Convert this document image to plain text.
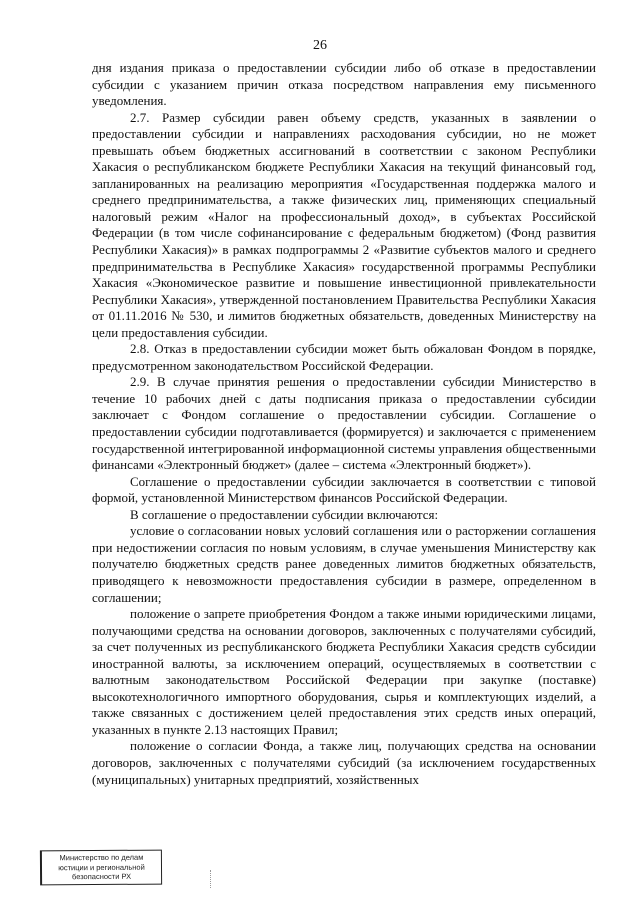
26

дня издания приказа о предоставлении субсидии либо об отказе в предоставлении субсидии с указанием причин отказа посредством направления ему письменного уведомления.

2.7. Размер субсидии равен объему средств, указанных в заявлении о предоставлении субсидии и направлениях расходования субсидии, но не может превышать объем бюджетных ассигнований в соответствии с законом Республики Хакасия о республиканском бюджете Республики Хакасия на текущий финансовый год, запланированных на реализацию мероприятия «Государственная поддержка малого и среднего предпринимательства, а также физических лиц, применяющих специальный налоговый режим «Налог на профессиональный доход», в субъектах Российской Федерации (в том числе софинансирование с федеральным бюджетом) (Фонд развития Республики Хакасия)» в рамках подпрограммы 2 «Развитие субъектов малого и среднего предпринимательства в Республике Хакасия» государственной программы Республики Хакасия «Экономическое развитие и повышение инвестиционной привлекательности Республики Хакасия», утвержденной постановлением Правительства Республики Хакасия от 01.11.2016 № 530, и лимитов бюджетных обязательств, доведенных Министерству на цели предоставления субсидии.

2.8. Отказ в предоставлении субсидии может быть обжалован Фондом в порядке, предусмотренном законодательством Российской Федерации.

2.9. В случае принятия решения о предоставлении субсидии Министерство в течение 10 рабочих дней с даты подписания приказа о предоставлении субсидии заключает с Фондом соглашение о предоставлении субсидии. Соглашение о предоставлении субсидии подготавливается (формируется) и заключается с применением государственной интегрированной информационной системы управления общественными финансами «Электронный бюджет» (далее – система «Электронный бюджет»).

Соглашение о предоставлении субсидии заключается в соответствии с типовой формой, установленной Министерством финансов Российской Федерации.

В соглашение о предоставлении субсидии включаются:

условие о согласовании новых условий соглашения или о расторжении соглашения при недостижении согласия по новым условиям, в случае уменьшения Министерству как получателю бюджетных средств ранее доведенных лимитов бюджетных обязательств, приводящего к невозможности предоставления субсидии в размере, определенном в соглашении;

положение о запрете приобретения Фондом а также иными юридическими лицами, получающими средства на основании договоров, заключенных с получателями субсидий, за счет полученных из республиканского бюджета Республики Хакасия средств субсидии иностранной валюты, за исключением операций, осуществляемых в соответствии с валютным законодательством Российской Федерации при закупке (поставке) высокотехнологичного импортного оборудования, сырья и комплектующих изделий, а также связанных с достижением целей предоставления этих средств иных операций, указанных в пункте 2.13 настоящих Правил;

положение о согласии Фонда, а также лиц, получающих средства на основании договоров, заключенных с получателями субсидий (за исключением государственных (муниципальных) унитарных предприятий, хозяйственных

Министерство по делам
юстиции и региональной
безопасности РХ
